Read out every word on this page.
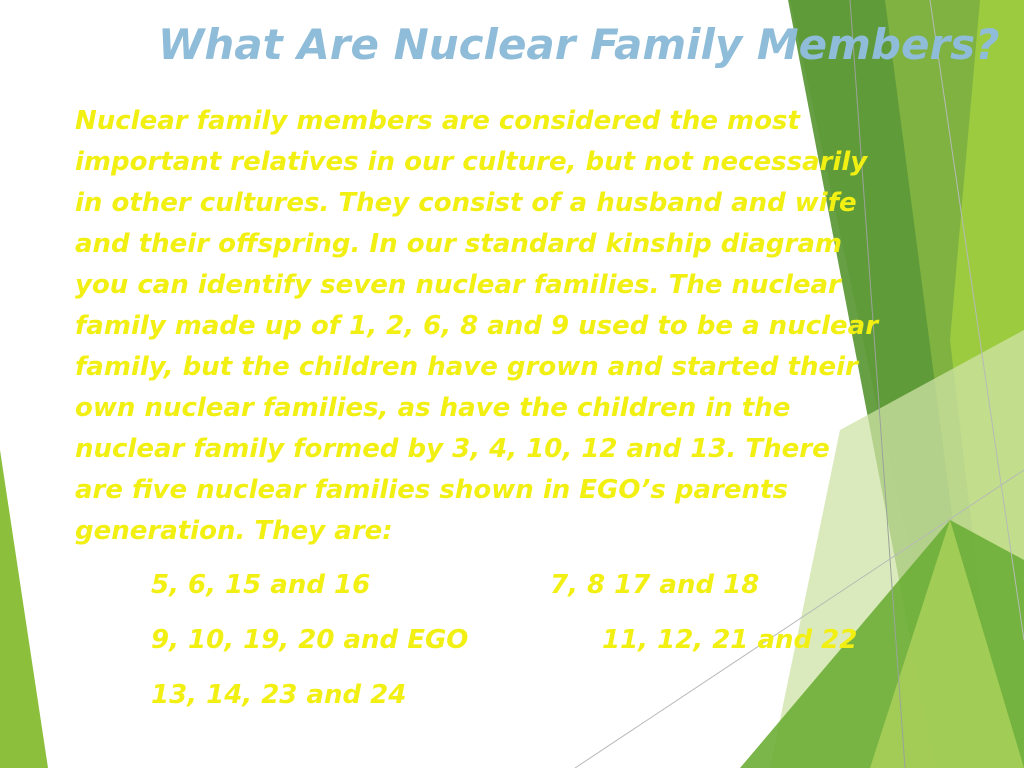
What Are Nuclear Family Members?
Nuclear family members are considered the most
important relatives in our culture, but not necessarily
in other cultures. They consist of a husband and wife
and their offspring. In our standard kinship diagram
you can identify seven nuclear families. The nuclear
family made up of 1, 2, 6, 8 and 9 used to be a nuclear
family, but the children have grown and started their
own nuclear families, as have the children in the
nuclear family formed by 3, 4, 10, 12 and 13. There
are five nuclear families shown in EGO’s parents
generation. They are:
5, 6, 15 and 16	7, 8 17 and 18
9, 10, 19, 20 and EGO	11, 12, 21 and 22
13, 14, 23 and 24
